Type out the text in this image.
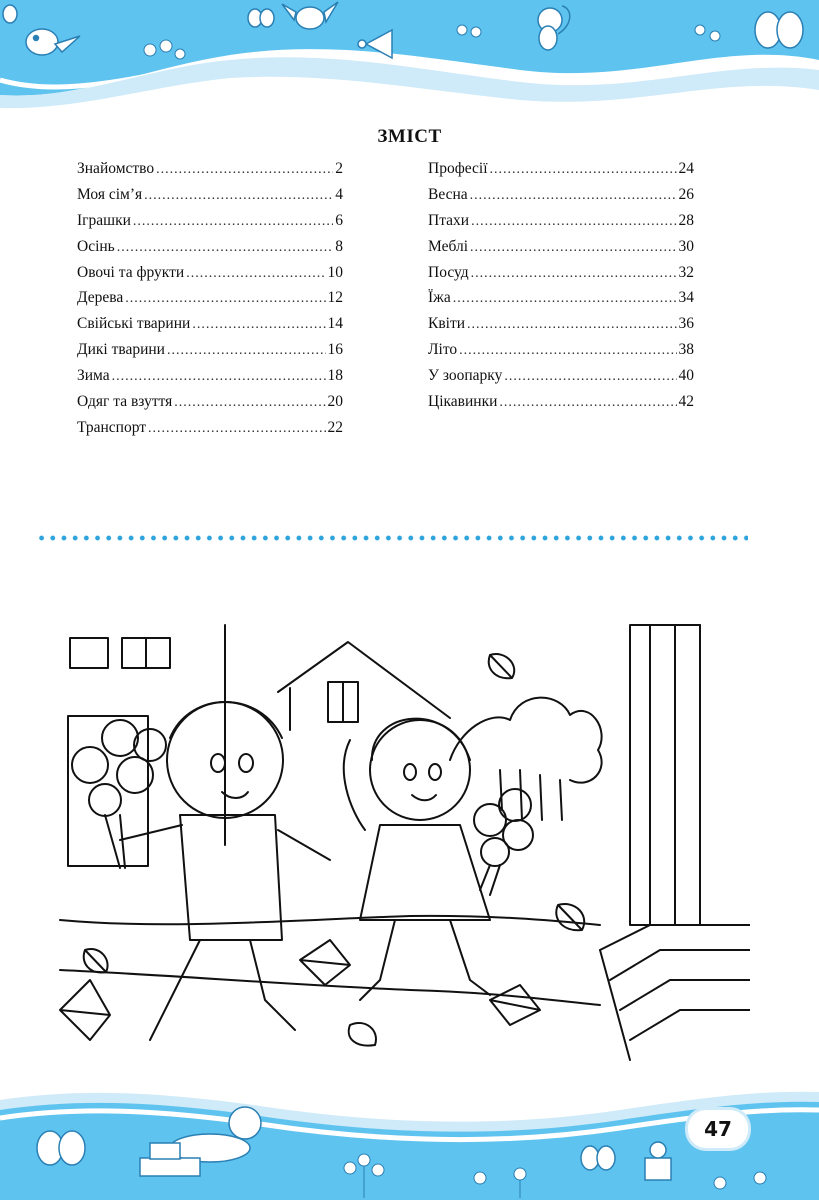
ЗМІСТ
Знайомство .....	2
Моя сім’я .....	4
Іграшки .....	6
Осінь .....	8
Овочі та фрукти .....	10
Дерева .....	12
Свійські тварини .....	14
Дикі тварини .....	16
Зима .....	18
Одяг та взуття .....	20
Транспорт .....	22
Професії .....	24
Весна .....	26
Птахи .....	28
Меблі .....	30
Посуд .....	32
Їжа .....	34
Квіти .....	36
Літо .....	38
У зоопарку .....	40
Цікавинки .....	42
47
